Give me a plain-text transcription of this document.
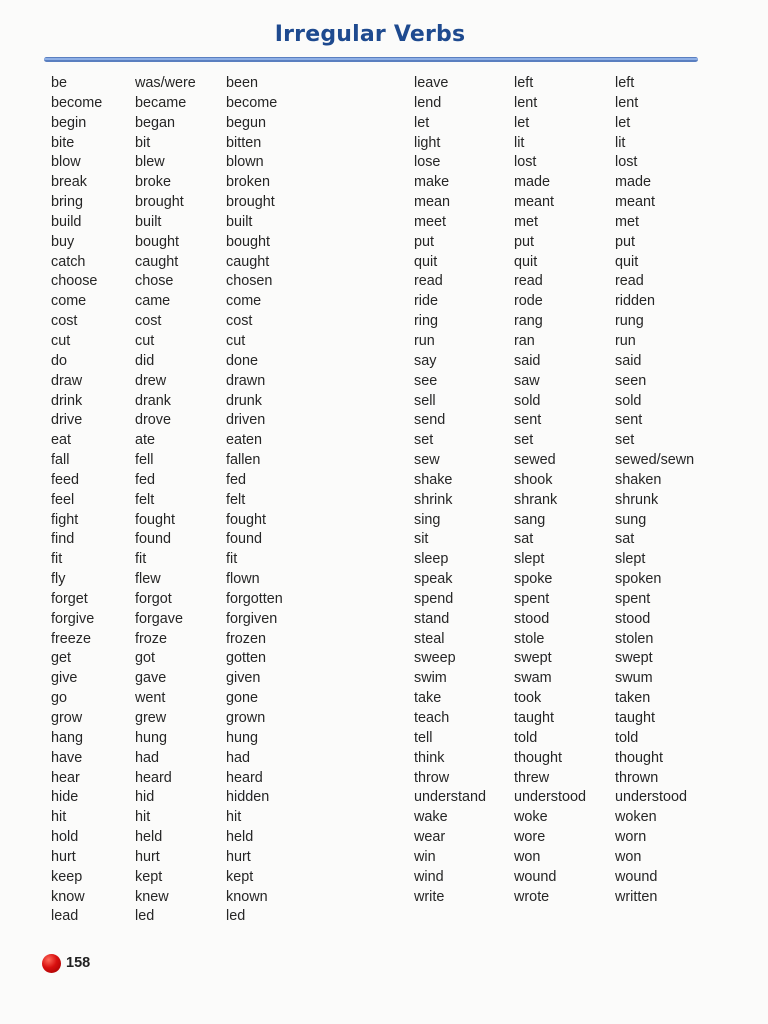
Irregular Verbs
be
become
begin
bite
blow
break
bring
build
buy
catch
choose
come
cost
cut
do
draw
drink
drive
eat
fall
feed
feel
fight
find
fit
fly
forget
forgive
freeze
get
give
go
grow
hang
have
hear
hide
hit
hold
hurt
keep
know
lead
was/were
became
began
bit
blew
broke
brought
built
bought
caught
chose
came
cost
cut
did
drew
drank
drove
ate
fell
fed
felt
fought
found
fit
flew
forgot
forgave
froze
got
gave
went
grew
hung
had
heard
hid
hit
held
hurt
kept
knew
led
been
become
begun
bitten
blown
broken
brought
built
bought
caught
chosen
come
cost
cut
done
drawn
drunk
driven
eaten
fallen
fed
felt
fought
found
fit
flown
forgotten
forgiven
frozen
gotten
given
gone
grown
hung
had
heard
hidden
hit
held
hurt
kept
known
led
leave
lend
let
light
lose
make
mean
meet
put
quit
read
ride
ring
run
say
see
sell
send
set
sew
shake
shrink
sing
sit
sleep
speak
spend
stand
steal
sweep
swim
take
teach
tell
think
throw
understand
wake
wear
win
wind
write
left
lent
let
lit
lost
made
meant
met
put
quit
read
rode
rang
ran
said
saw
sold
sent
set
sewed
shook
shrank
sang
sat
slept
spoke
spent
stood
stole
swept
swam
took
taught
told
thought
threw
understood
woke
wore
won
wound
wrote
left
lent
let
lit
lost
made
meant
met
put
quit
read
ridden
rung
run
said
seen
sold
sent
set
sewed/sewn
shaken
shrunk
sung
sat
slept
spoken
spent
stood
stolen
swept
swum
taken
taught
told
thought
thrown
understood
woken
worn
won
wound
written
158
